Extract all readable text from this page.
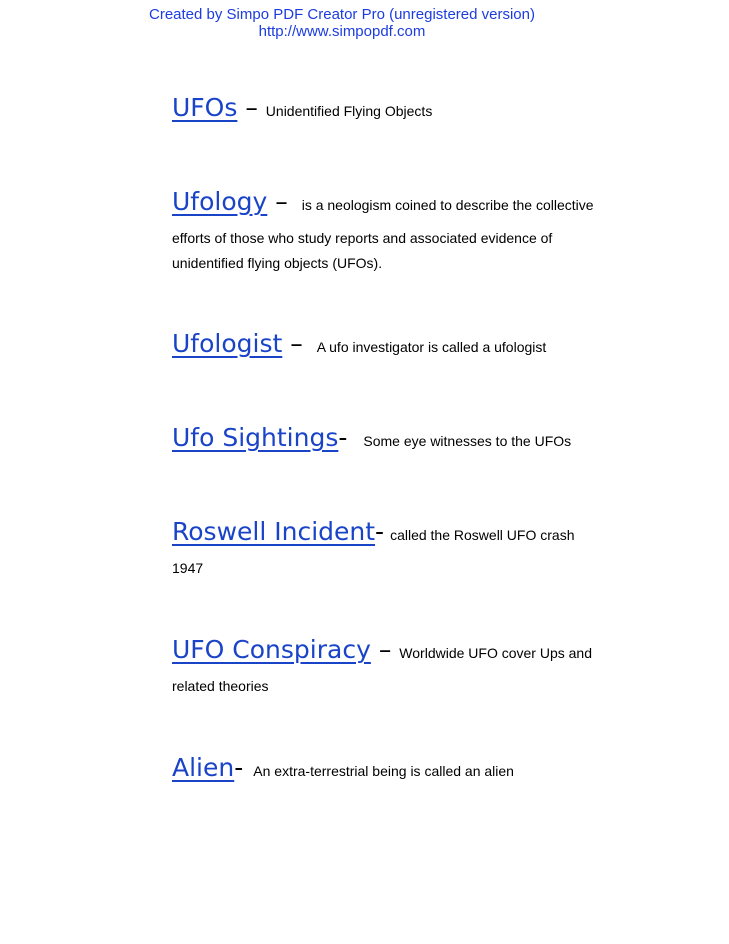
Created by Simpo PDF Creator Pro (unregistered version)
http://www.simpopdf.com
UFOs – Unidentified Flying Objects
Ufology – is a neologism coined to describe the collective
efforts of those who study reports and associated evidence of
unidentified flying objects (UFOs).
Ufologist – A ufo investigator is called a ufologist
Ufo Sightings- Some eye witnesses to the UFOs
Roswell Incident- called the Roswell UFO crash
1947
UFO Conspiracy – Worldwide UFO cover Ups and
related theories
Alien- An extra-terrestrial being is called an alien
